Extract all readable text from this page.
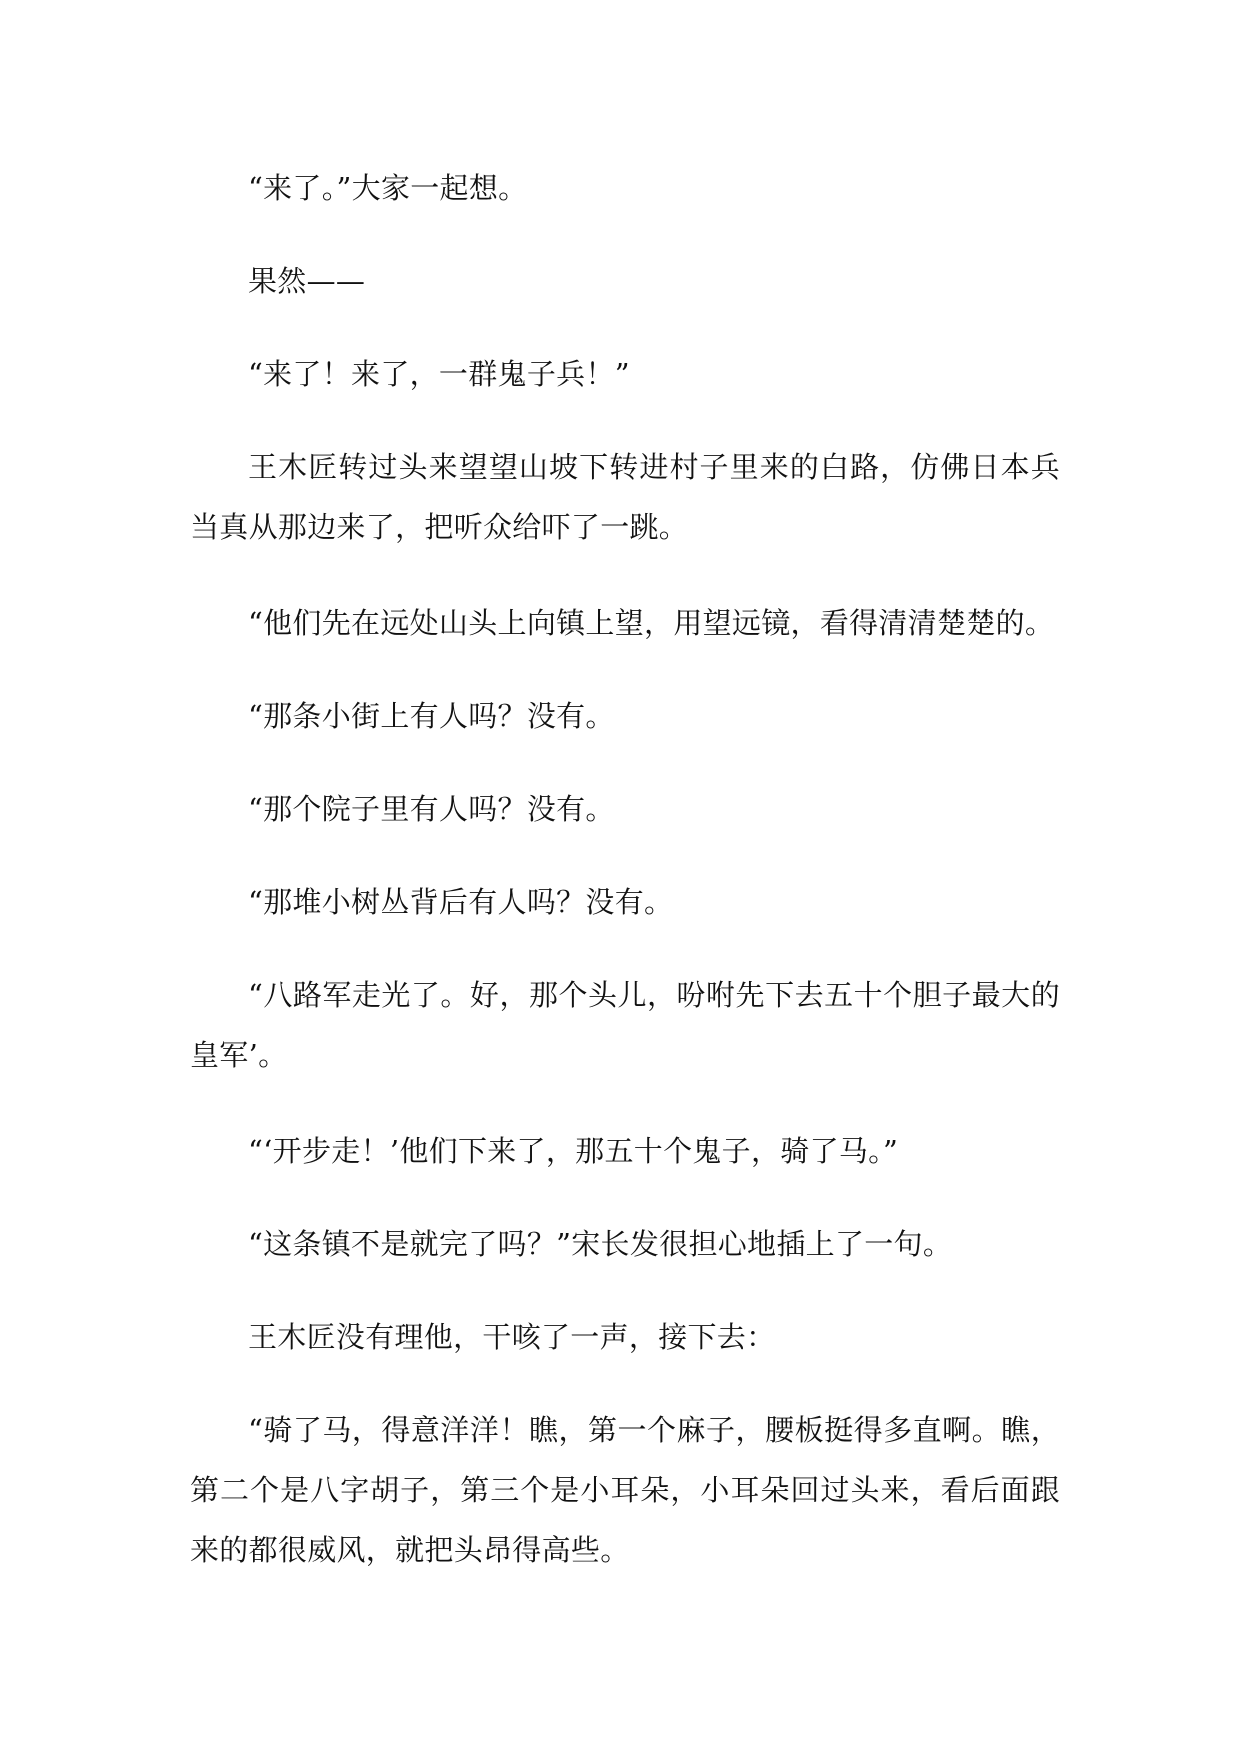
“来了。”大家一起想。

果然——

“来了！来了，一群鬼子兵！”

王木匠转过头来望望山坡下转进村子里来的白路，仿佛日本兵当真从那边来了，把听众给吓了一跳。

“他们先在远处山头上向镇上望，用望远镜，看得清清楚楚的。

“那条小街上有人吗？没有。

“那个院子里有人吗？没有。

“那堆小树丛背后有人吗？没有。

“八路军走光了。好，那个头儿，吩咐先下去五十个胆子最大的皇军’。

“‘开步走！’他们下来了，那五十个鬼子，骑了马。”

“这条镇不是就完了吗？”宋长发很担心地插上了一句。

王木匠没有理他，干咳了一声，接下去：

“骑了马，得意洋洋！瞧，第一个麻子，腰板挺得多直啊。瞧，第二个是八字胡子，第三个是小耳朵，小耳朵回过头来，看后面跟来的都很威风，就把头昂得高些。
